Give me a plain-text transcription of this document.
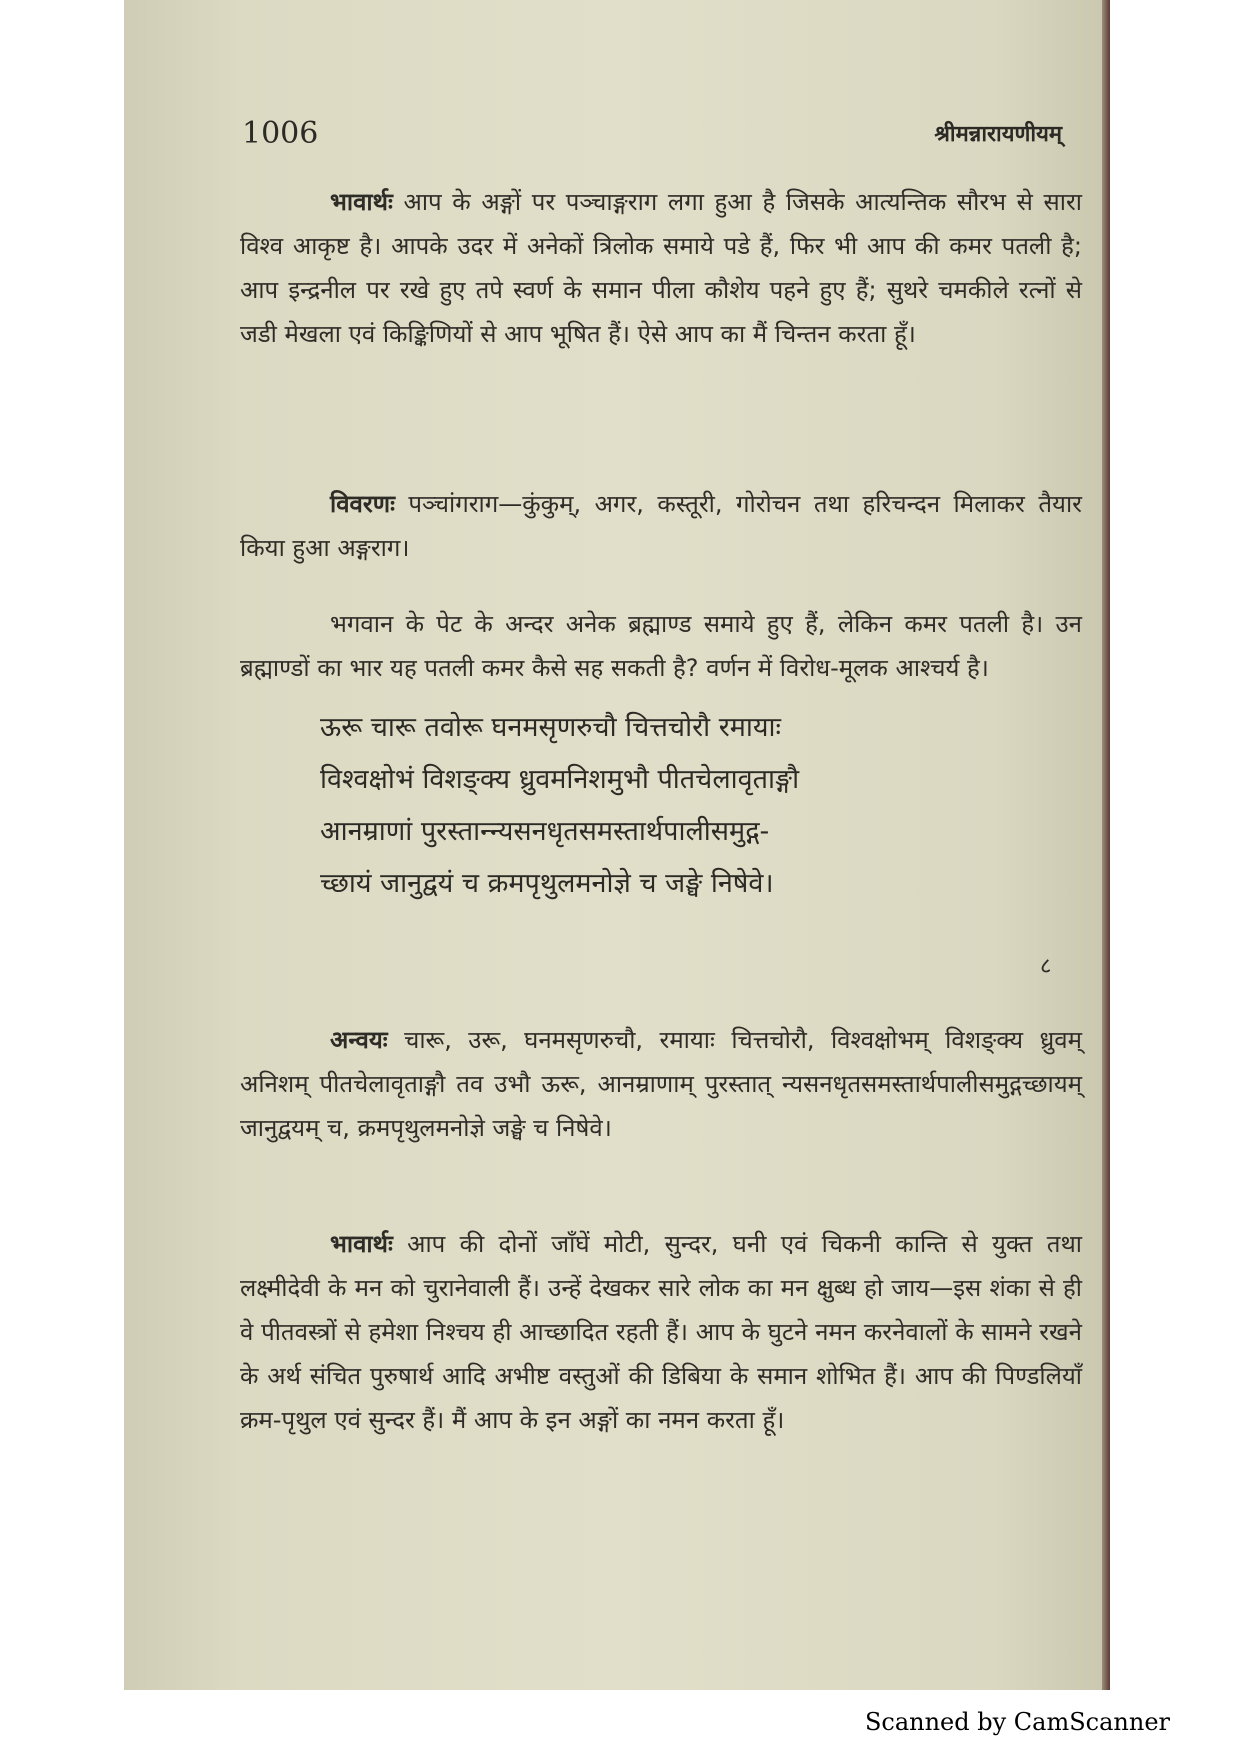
1006	श्रीमन्नारायणीयम्

भावार्थः आप के अङ्गों पर पञ्चाङ्गराग लगा हुआ है जिसके आत्यन्तिक सौरभ से सारा विश्व आकृष्ट है। आपके उदर में अनेकों त्रिलोक समाये पडे हैं, फिर भी आप की कमर पतली है; आप इन्द्रनील पर रखे हुए तपे स्वर्ण के समान पीला कौशेय पहने हुए हैं; सुथरे चमकीले रत्नों से जडी मेखला एवं किङ्किणियों से आप भूषित हैं। ऐसे आप का मैं चिन्तन करता हूँ।

विवरणः पञ्चांगराग—कुंकुम्, अगर, कस्तूरी, गोरोचन तथा हरिचन्दन मिलाकर तैयार किया हुआ अङ्गराग।

भगवान के पेट के अन्दर अनेक ब्रह्माण्ड समाये हुए हैं, लेकिन कमर पतली है। उन ब्रह्माण्डों का भार यह पतली कमर कैसे सह सकती है? वर्णन में विरोध-मूलक आश्चर्य है।

ऊरू चारू तवोरू घनमसृणरुचौ चित्तचोरौ रमायाः
विश्वक्षोभं विशङ्क्य ध्रुवमनिशमुभौ पीतचेलावृताङ्गौ
आनम्राणां पुरस्तान्न्यसनधृतसमस्तार्थपालीसमुद्ग-
च्छायं जानुद्वयं च क्रमपृथुलमनोज्ञे च जङ्घे निषेवे।

८

अन्वयः चारू, उरू, घनमसृणरुचौ, रमायाः चित्तचोरौ, विश्वक्षोभम् विशङ्क्य ध्रुवम् अनिशम् पीतचेलावृताङ्गौ तव उभौ ऊरू, आनम्राणाम् पुरस्तात् न्यसनधृतसमस्तार्थपालीसमुद्गच्छायम् जानुद्वयम् च, क्रमपृथुलमनोज्ञे जङ्घे च निषेवे।

भावार्थः आप की दोनों जाँघें मोटी, सुन्दर, घनी एवं चिकनी कान्ति से युक्त तथा लक्ष्मीदेवी के मन को चुरानेवाली हैं। उन्हें देखकर सारे लोक का मन क्षुब्ध हो जाय—इस शंका से ही वे पीतवस्त्रों से हमेशा निश्चय ही आच्छादित रहती हैं। आप के घुटने नमन करनेवालों के सामने रखने के अर्थ संचित पुरुषार्थ आदि अभीष्ट वस्तुओं की डिबिया के समान शोभित हैं। आप की पिण्डलियाँ क्रम-पृथुल एवं सुन्दर हैं। मैं आप के इन अङ्गों का नमन करता हूँ।

Scanned by CamScanner
